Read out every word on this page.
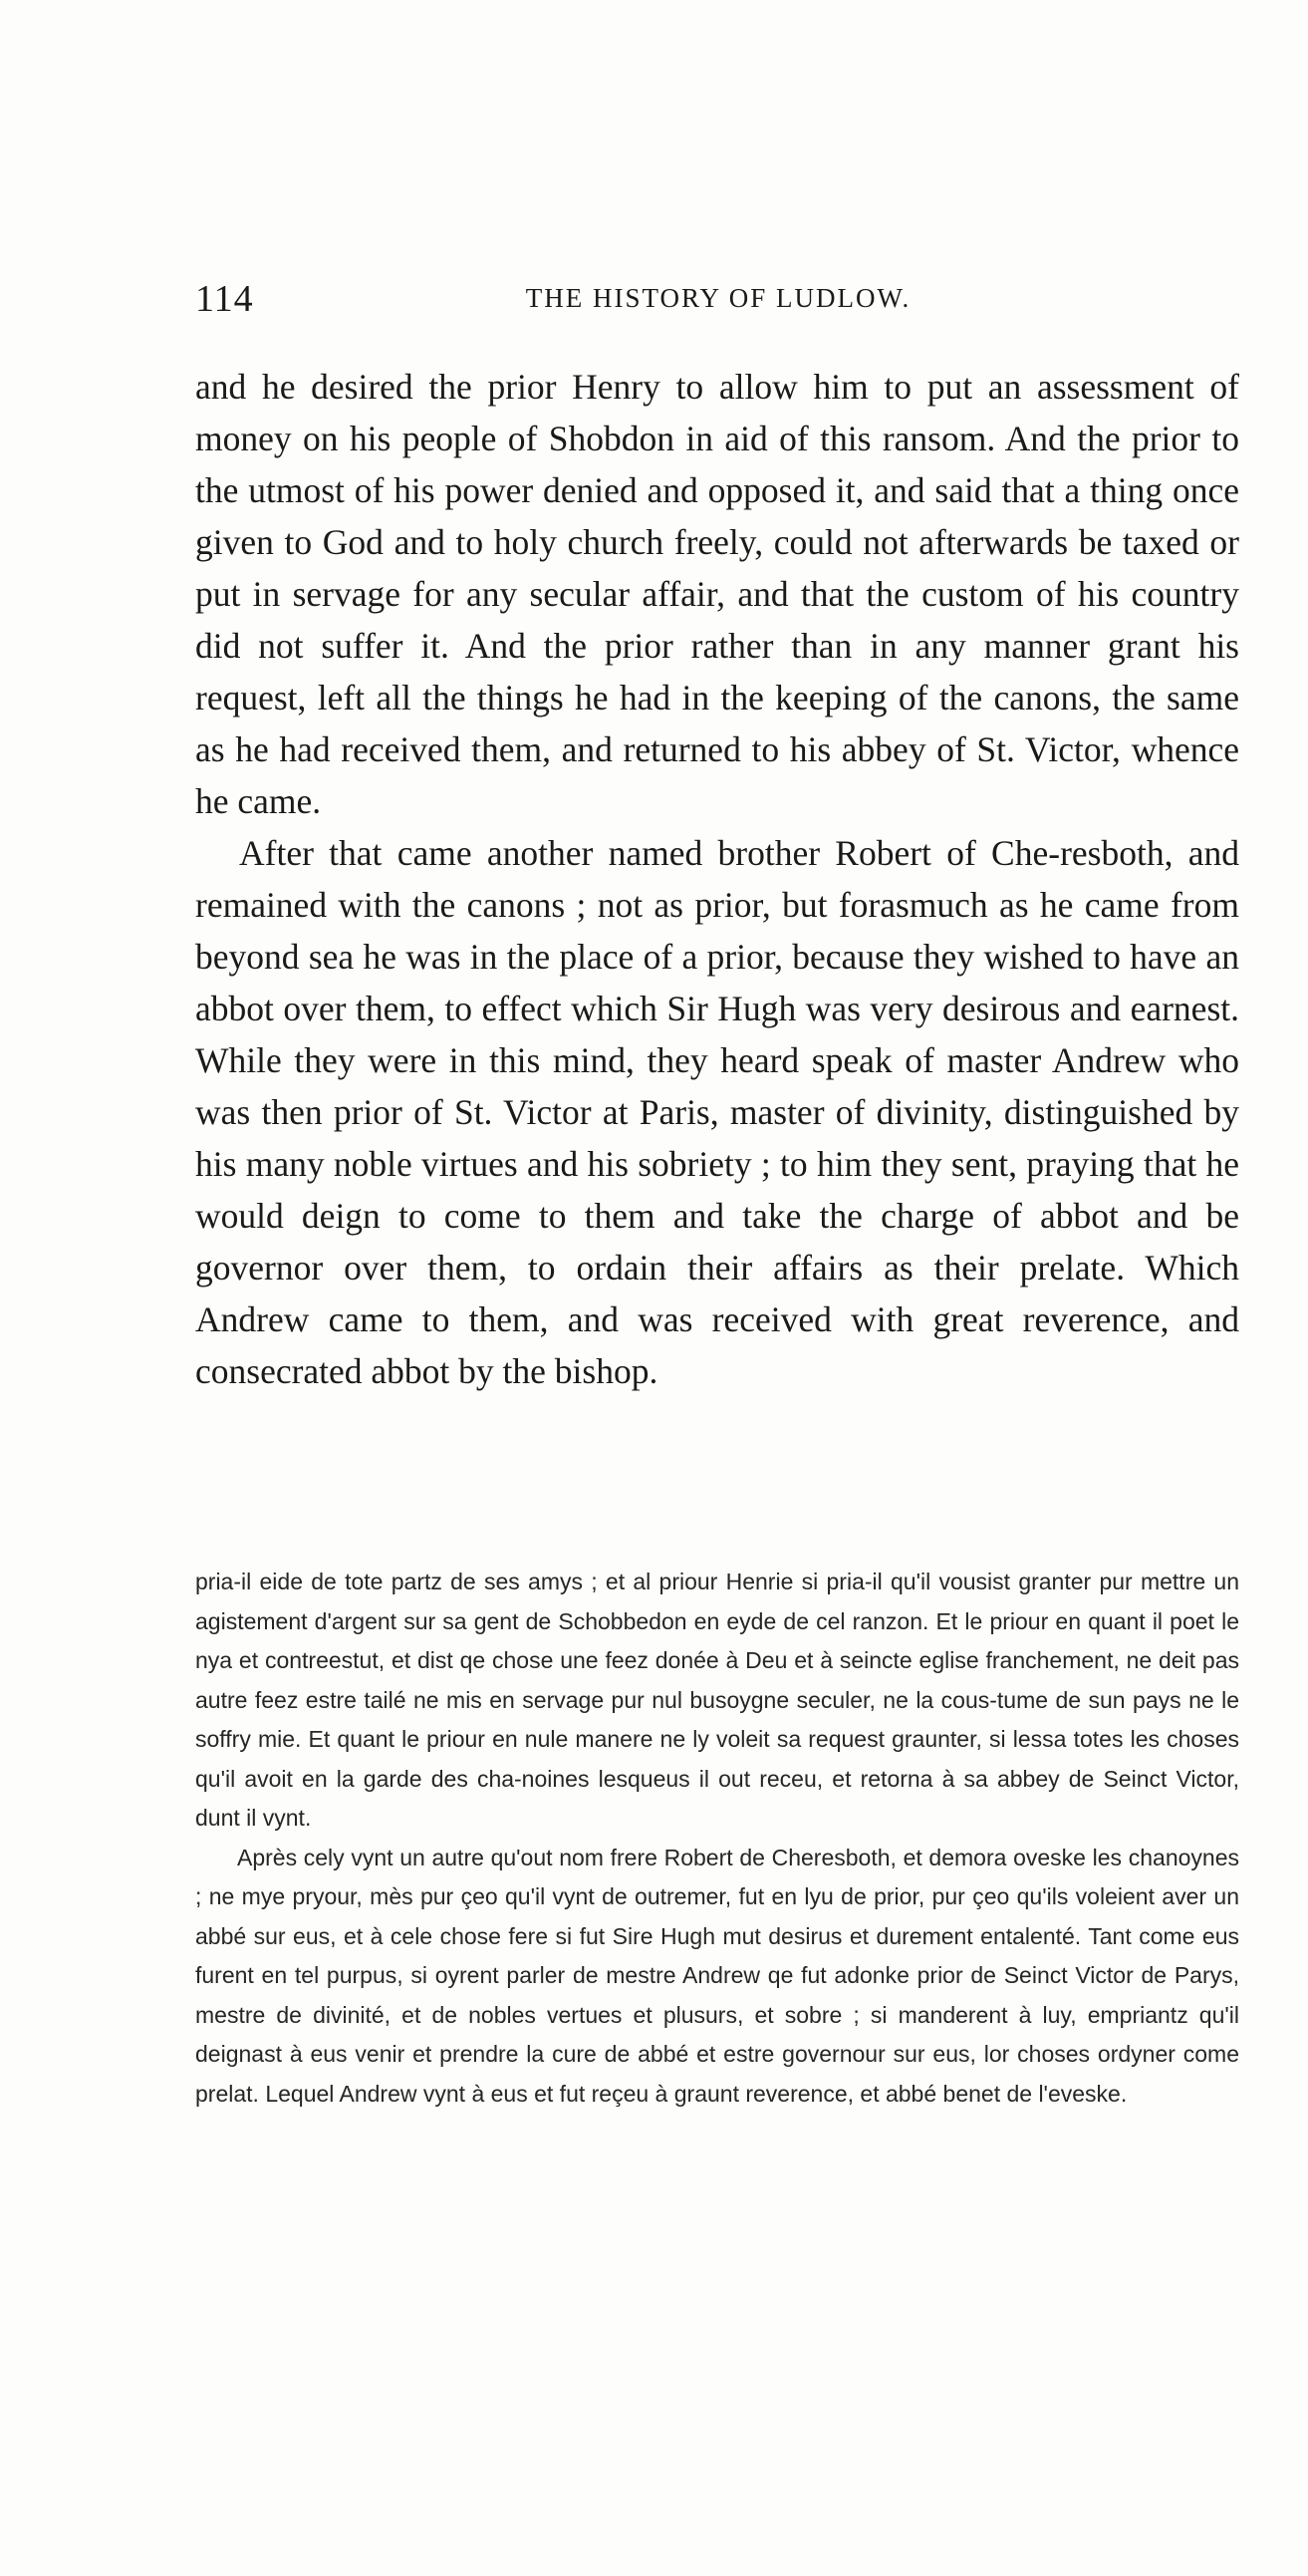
114	THE HISTORY OF LUDLOW.

and he desired the prior Henry to allow him to put an assessment of money on his people of Shobdon in aid of this ransom. And the prior to the utmost of his power denied and opposed it, and said that a thing once given to God and to holy church freely, could not afterwards be taxed or put in servage for any secular affair, and that the custom of his country did not suffer it. And the prior rather than in any manner grant his request, left all the things he had in the keeping of the canons, the same as he had received them, and returned to his abbey of St. Victor, whence he came.

After that came another named brother Robert of Che-resboth, and remained with the canons ; not as prior, but forasmuch as he came from beyond sea he was in the place of a prior, because they wished to have an abbot over them, to effect which Sir Hugh was very desirous and earnest. While they were in this mind, they heard speak of master Andrew who was then prior of St. Victor at Paris, master of divinity, distinguished by his many noble virtues and his sobriety ; to him they sent, praying that he would deign to come to them and take the charge of abbot and be governor over them, to ordain their affairs as their prelate. Which Andrew came to them, and was received with great reverence, and consecrated abbot by the bishop.

pria-il eide de tote partz de ses amys ; et al priour Henrie si pria-il qu'il vousist granter pur mettre un agistement d'argent sur sa gent de Schobbedon en eyde de cel ranzon. Et le priour en quant il poet le nya et contreestut, et dist qe chose une feez donée à Deu et à seincte eglise franchement, ne deit pas autre feez estre tailé ne mis en servage pur nul busoygne seculer, ne la cous-tume de sun pays ne le soffry mie. Et quant le priour en nule manere ne ly voleit sa request graunter, si lessa totes les choses qu'il avoit en la garde des cha-noines lesqueus il out receu, et retorna à sa abbey de Seinct Victor, dunt il vynt.

Après cely vynt un autre qu'out nom frere Robert de Cheresboth, et demora oveske les chanoynes ; ne mye pryour, mès pur çeo qu'il vynt de outremer, fut en lyu de prior, pur çeo qu'ils voleient aver un abbé sur eus, et à cele chose fere si fut Sire Hugh mut desirus et durement entalenté. Tant come eus furent en tel purpus, si oyrent parler de mestre Andrew qe fut adonke prior de Seinct Victor de Parys, mestre de divinité, et de nobles vertues et plusurs, et sobre ; si manderent à luy, empriantz qu'il deignast à eus venir et prendre la cure de abbé et estre governour sur eus, lor choses ordyner come prelat. Lequel Andrew vynt à eus et fut reçeu à graunt reverence, et abbé benet de l'eveske.
